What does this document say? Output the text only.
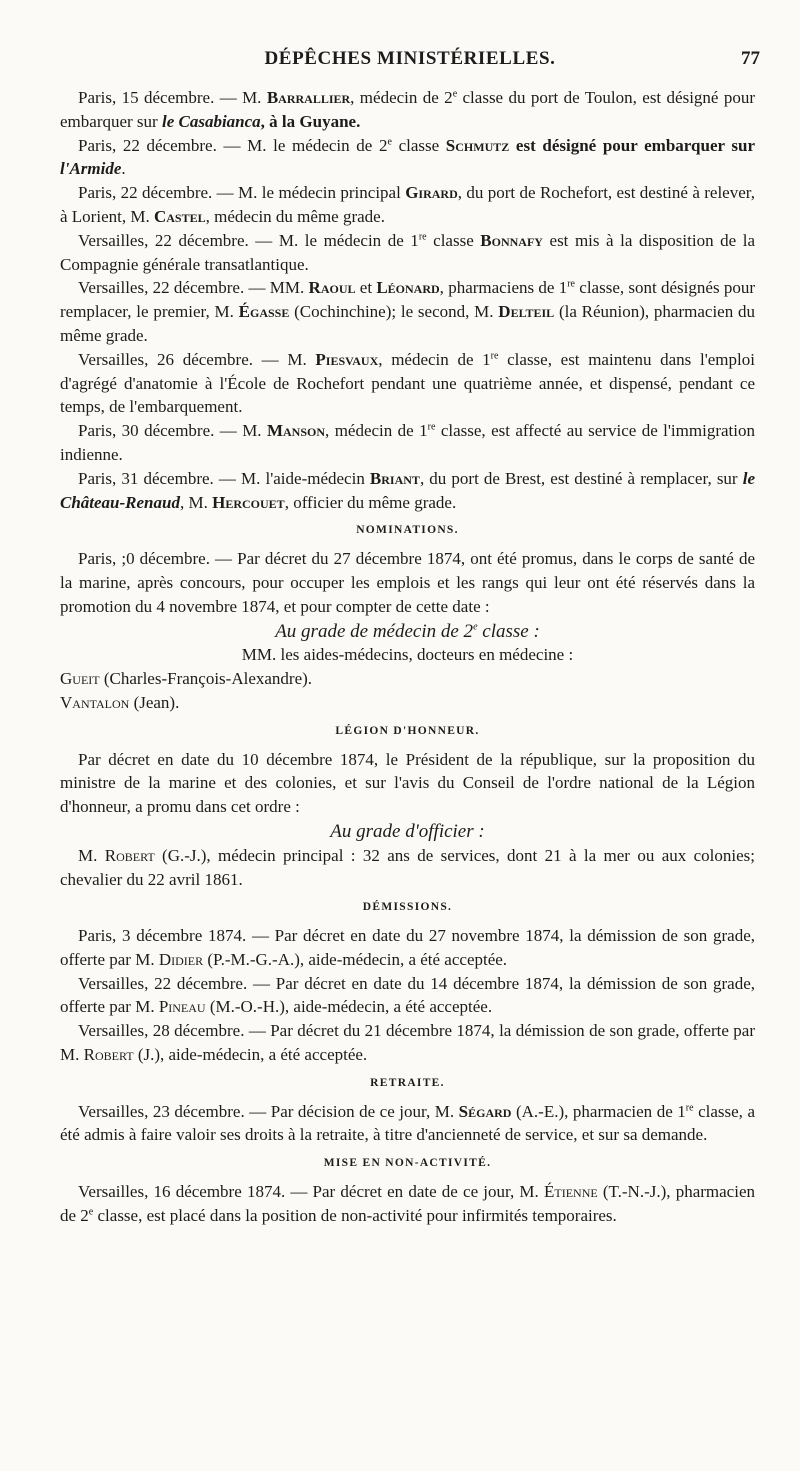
DÉPÊCHES MINISTÉRIELLES.	77

Paris, 15 décembre. — M. Barrallier, médecin de 2e classe du port de Toulon, est désigné pour embarquer sur le Casabianca, à la Guyane.

Paris, 22 décembre. — M. le médecin de 2e classe Schmutz est désigné pour embarquer sur l'Armide.

Paris, 22 décembre. — M. le médecin principal Girard, du port de Rochefort, est destiné à relever, à Lorient, M. Castel, médecin du même grade.

Versailles, 22 décembre. — M. le médecin de 1re classe Bonnafy est mis à la disposition de la Compagnie générale transatlantique.

Versailles, 22 décembre. — MM. Raoul et Léonard, pharmaciens de 1re classe, sont désignés pour remplacer, le premier, M. Égasse (Cochinchine); le second, M. Delteil (la Réunion), pharmacien du même grade.

Versailles, 26 décembre. — M. Piesvaux, médecin de 1re classe, est maintenu dans l'emploi d'agrégé d'anatomie à l'École de Rochefort pendant une quatrième année, et dispensé, pendant ce temps, de l'embarquement.

Paris, 30 décembre. — M. Manson, médecin de 1re classe, est affecté au service de l'immigration indienne.

Paris, 31 décembre. — M. l'aide-médecin Briant, du port de Brest, est destiné à remplacer, sur le Château-Renaud, M. Hercouet, officier du même grade.

NOMINATIONS.

Paris, ;0 décembre. — Par décret du 27 décembre 1874, ont été promus, dans le corps de santé de la marine, après concours, pour occuper les emplois et les rangs qui leur ont été réservés dans la promotion du 4 novembre 1874, et pour compter de cette date :

Au grade de médecin de 2e classe :

MM. les aides-médecins, docteurs en médecine :

Gueit (Charles-François-Alexandre).

Vantalon (Jean).

LÉGION D'HONNEUR.

Par décret en date du 10 décembre 1874, le Président de la république, sur la proposition du ministre de la marine et des colonies, et sur l'avis du Conseil de l'ordre national de la Légion d'honneur, a promu dans cet ordre :

Au grade d'officier :

M. Robert (G.-J.), médecin principal : 32 ans de services, dont 21 à la mer ou aux colonies; chevalier du 22 avril 1861.

DÉMISSIONS.

Paris, 3 décembre 1874. — Par décret en date du 27 novembre 1874, la démission de son grade, offerte par M. Didier (P.-M.-G.-A.), aide-médecin, a été acceptée.

Versailles, 22 décembre. — Par décret en date du 14 décembre 1874, la démission de son grade, offerte par M. Pineau (M.-O.-H.), aide-médecin, a été acceptée.

Versailles, 28 décembre. — Par décret du 21 décembre 1874, la démission de son grade, offerte par M. Robert (J.), aide-médecin, a été acceptée.

RETRAITE.

Versailles, 23 décembre. — Par décision de ce jour, M. Ségard (A.-E.), pharmacien de 1re classe, a été admis à faire valoir ses droits à la retraite, à titre d'ancienneté de service, et sur sa demande.

MISE EN NON-ACTIVITÉ.

Versailles, 16 décembre 1874. — Par décret en date de ce jour, M. Étienne (T.-N.-J.), pharmacien de 2e classe, est placé dans la position de non-activité pour infirmités temporaires.
